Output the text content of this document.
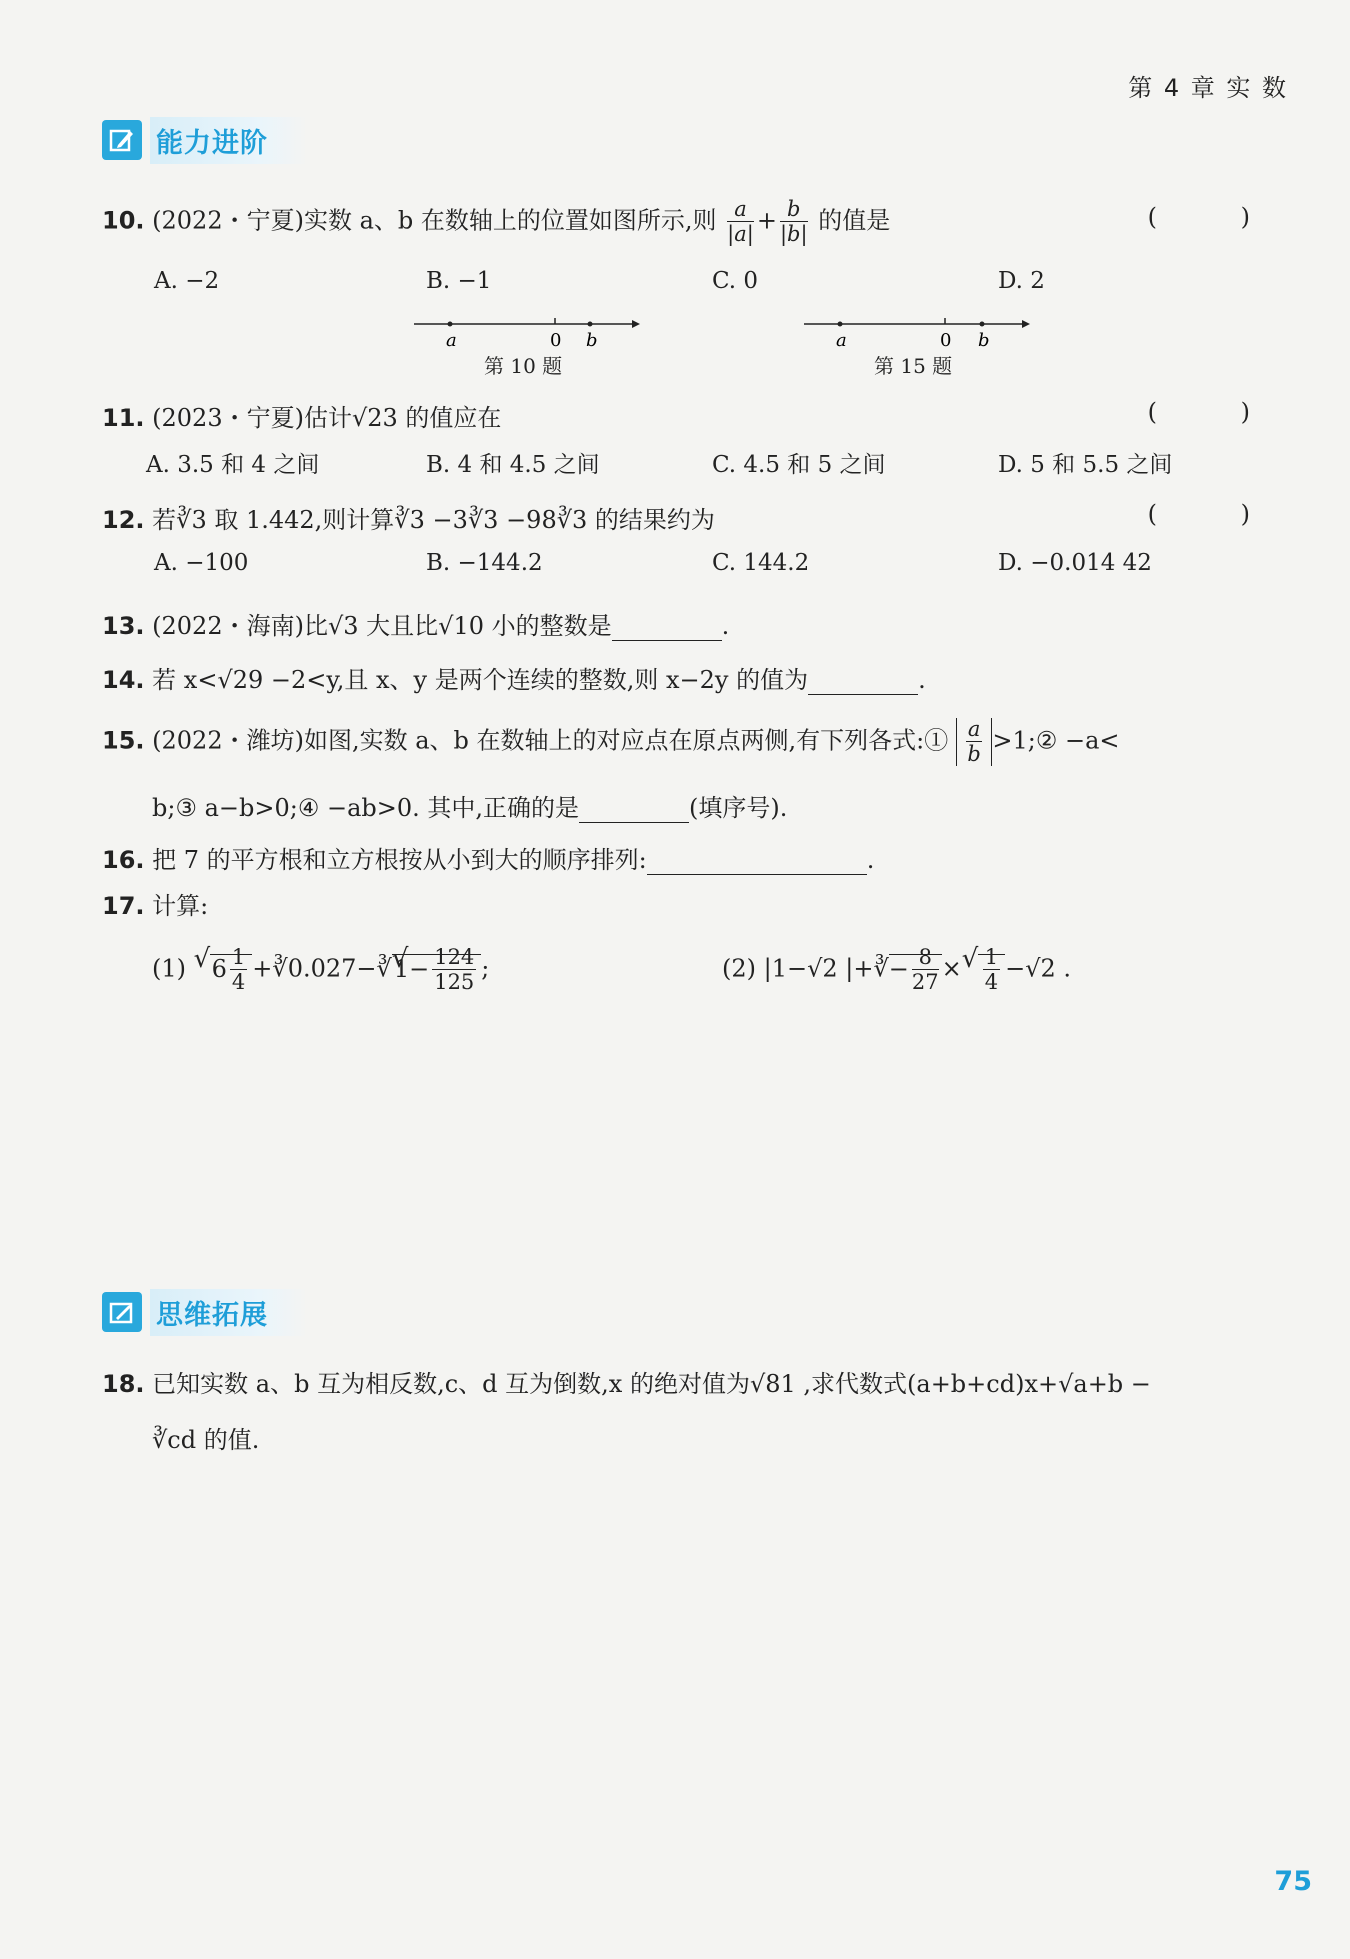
第 4 章 实 数
能力进阶
10. (2022・宁夏)实数 a、b 在数轴上的位置如图所示,则 $\frac{a}{|a|} + \frac{b}{|b|}$ 的值是	( )
A. −2	B. −1	C. 0	D. 2
a	0 b
第 10 题
a	0 b
第 15 题
11. (2023・宁夏)估计√23 的值应在	( )
A. 3.5 和 4 之间	B. 4 和 4.5 之间	C. 4.5 和 5 之间	D. 5 和 5.5 之间
12. 若∛3 取 1.442,则计算∛3 −3∛3 −98∛3 的结果约为	( )
A. −100	B. −144.2	C. 144.2	D. −0.014 42
13. (2022・海南)比√3 大且比√10 小的整数是	.
14. 若 x<√29 −2<y,且 x、y 是两个连续的整数,则 x−2y 的值为	.
15. (2022・潍坊)如图,实数 a、b 在数轴上的对应点在原点两侧,有下列各式:① $\frac{a}{b}$ >1;② −a<
b;③ a−b>0;④ −ab>0. 其中,正确的是	(填序号).
16. 把 7 的平方根和立方根按从小到大的顺序排列:	.
17. 计算:
(1) √ $6 \frac{1}{4}$ +∛0.027−∛√ $1- \frac{124}{125}$ ;	(2) |1−√2 |+∛− $\frac{8}{27}$ × √ $\frac{1}{4} -√2$ .
思维拓展
18. 已知实数 a、b 互为相反数,c、d 互为倒数,x 的绝对值为√81 ,求代数式(a+b+cd)x+√a+b −
∛cd 的值.
75
